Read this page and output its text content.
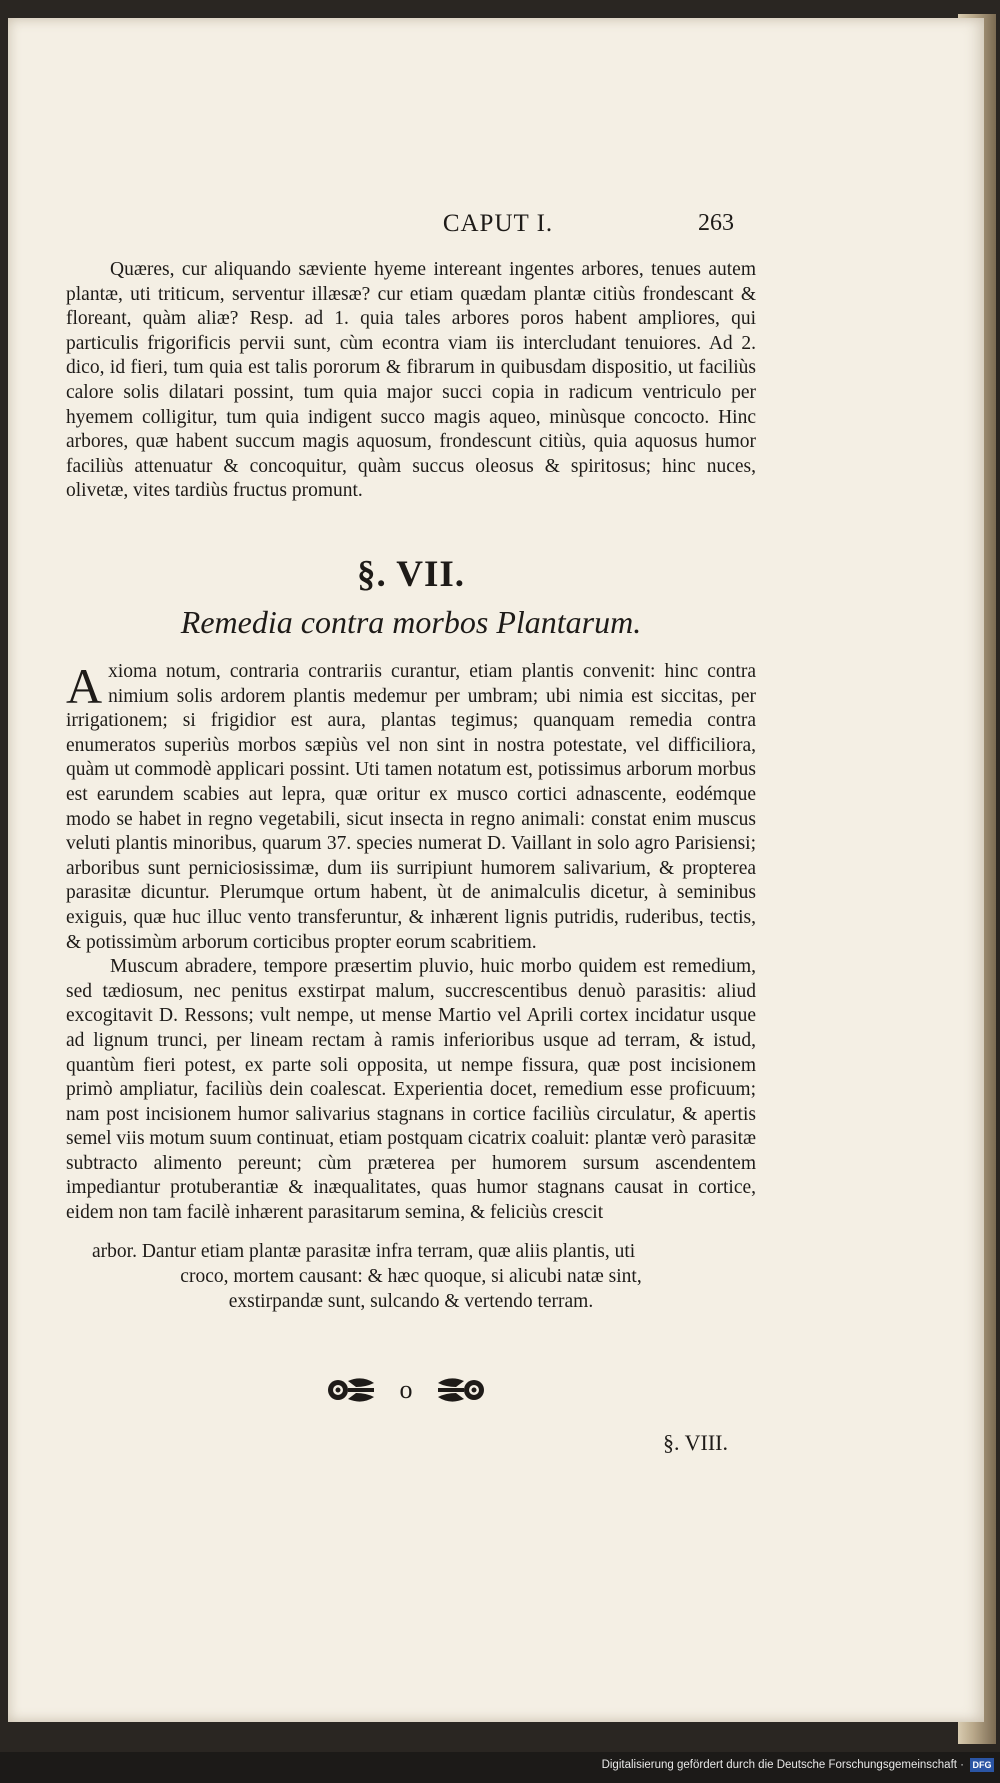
CAPUT I.	263

Quæres, cur aliquando sæviente hyeme intereant ingentes arbores, tenues autem plantæ, uti triticum, serventur illæsæ? cur etiam quædam plantæ citiùs frondescant & floreant, quàm aliæ? Resp. ad 1. quia tales arbores poros habent ampliores, qui particulis frigorificis pervii sunt, cùm econtra viam iis intercludant tenuiores. Ad 2. dico, id fieri, tum quia est talis pororum & fibrarum in quibusdam dispositio, ut faciliùs calore solis dilatari possint, tum quia major succi copia in radicum ventriculo per hyemem colligitur, tum quia indigent succo magis aqueo, minùsque concocto. Hinc arbores, quæ habent succum magis aquosum, frondescunt citiùs, quia aquosus humor faciliùs attenuatur & concoquitur, quàm succus oleosus & spiritosus; hinc nuces, olivetæ, vites tardiùs fructus promunt.

§. VII.
Remedia contra morbos Plantarum.

Axioma notum, contraria contrariis curantur, etiam plantis convenit: hinc contra nimium solis ardorem plantis medemur per umbram; ubi nimia est siccitas, per irrigationem; si frigidior est aura, plantas tegimus; quanquam remedia contra enumeratos superiùs morbos sæpiùs vel non sint in nostra potestate, vel difficiliora, quàm ut commodè applicari possint. Uti tamen notatum est, potissimus arborum morbus est earundem scabies aut lepra, quæ oritur ex musco cortici adnascente, eodémque modo se habet in regno vegetabili, sicut insecta in regno animali: constat enim muscus veluti plantis minoribus, quarum 37. species numerat D. Vaillant in solo agro Parisiensi; arboribus sunt perniciosissimæ, dum iis surripiunt humorem salivarium, & propterea parasitæ dicuntur. Plerumque ortum habent, ùt de animalculis dicetur, à seminibus exiguis, quæ huc illuc vento transferuntur, & inhærent lignis putridis, ruderibus, tectis, & potissimùm arborum corticibus propter eorum scabritiem.

Muscum abradere, tempore præsertim pluvio, huic morbo quidem est remedium, sed tædiosum, nec penitus exstirpat malum, succrescentibus denuò parasitis: aliud excogitavit D. Ressons; vult nempe, ut mense Martio vel Aprili cortex incidatur usque ad lignum trunci, per lineam rectam à ramis inferioribus usque ad terram, & istud, quantùm fieri potest, ex parte soli opposita, ut nempe fissura, quæ post incisionem primò ampliatur, faciliùs dein coalescat. Experientia docet, remedium esse proficuum; nam post incisionem humor salivarius stagnans in cortice faciliùs circulatur, & apertis semel viis motum suum continuat, etiam postquam cicatrix coaluit: plantæ verò parasitæ subtracto alimento pereunt; cùm præterea per humorem sursum ascendentem impediantur protuberantiæ & inæqualitates, quas humor stagnans causat in cortice, eidem non tam facilè inhærent parasitarum semina, & feliciùs crescit

arbor. Dantur etiam plantæ parasitæ infra terram, quæ aliis plantis, uti
croco, mortem causant: & hæc quoque, si alicubi natæ sint,
exstirpandæ sunt, sulcando & vertendo terram.
o
§. VIII.
Digitalisierung gefördert durch die Deutsche Forschungsgemeinschaft · DFG
